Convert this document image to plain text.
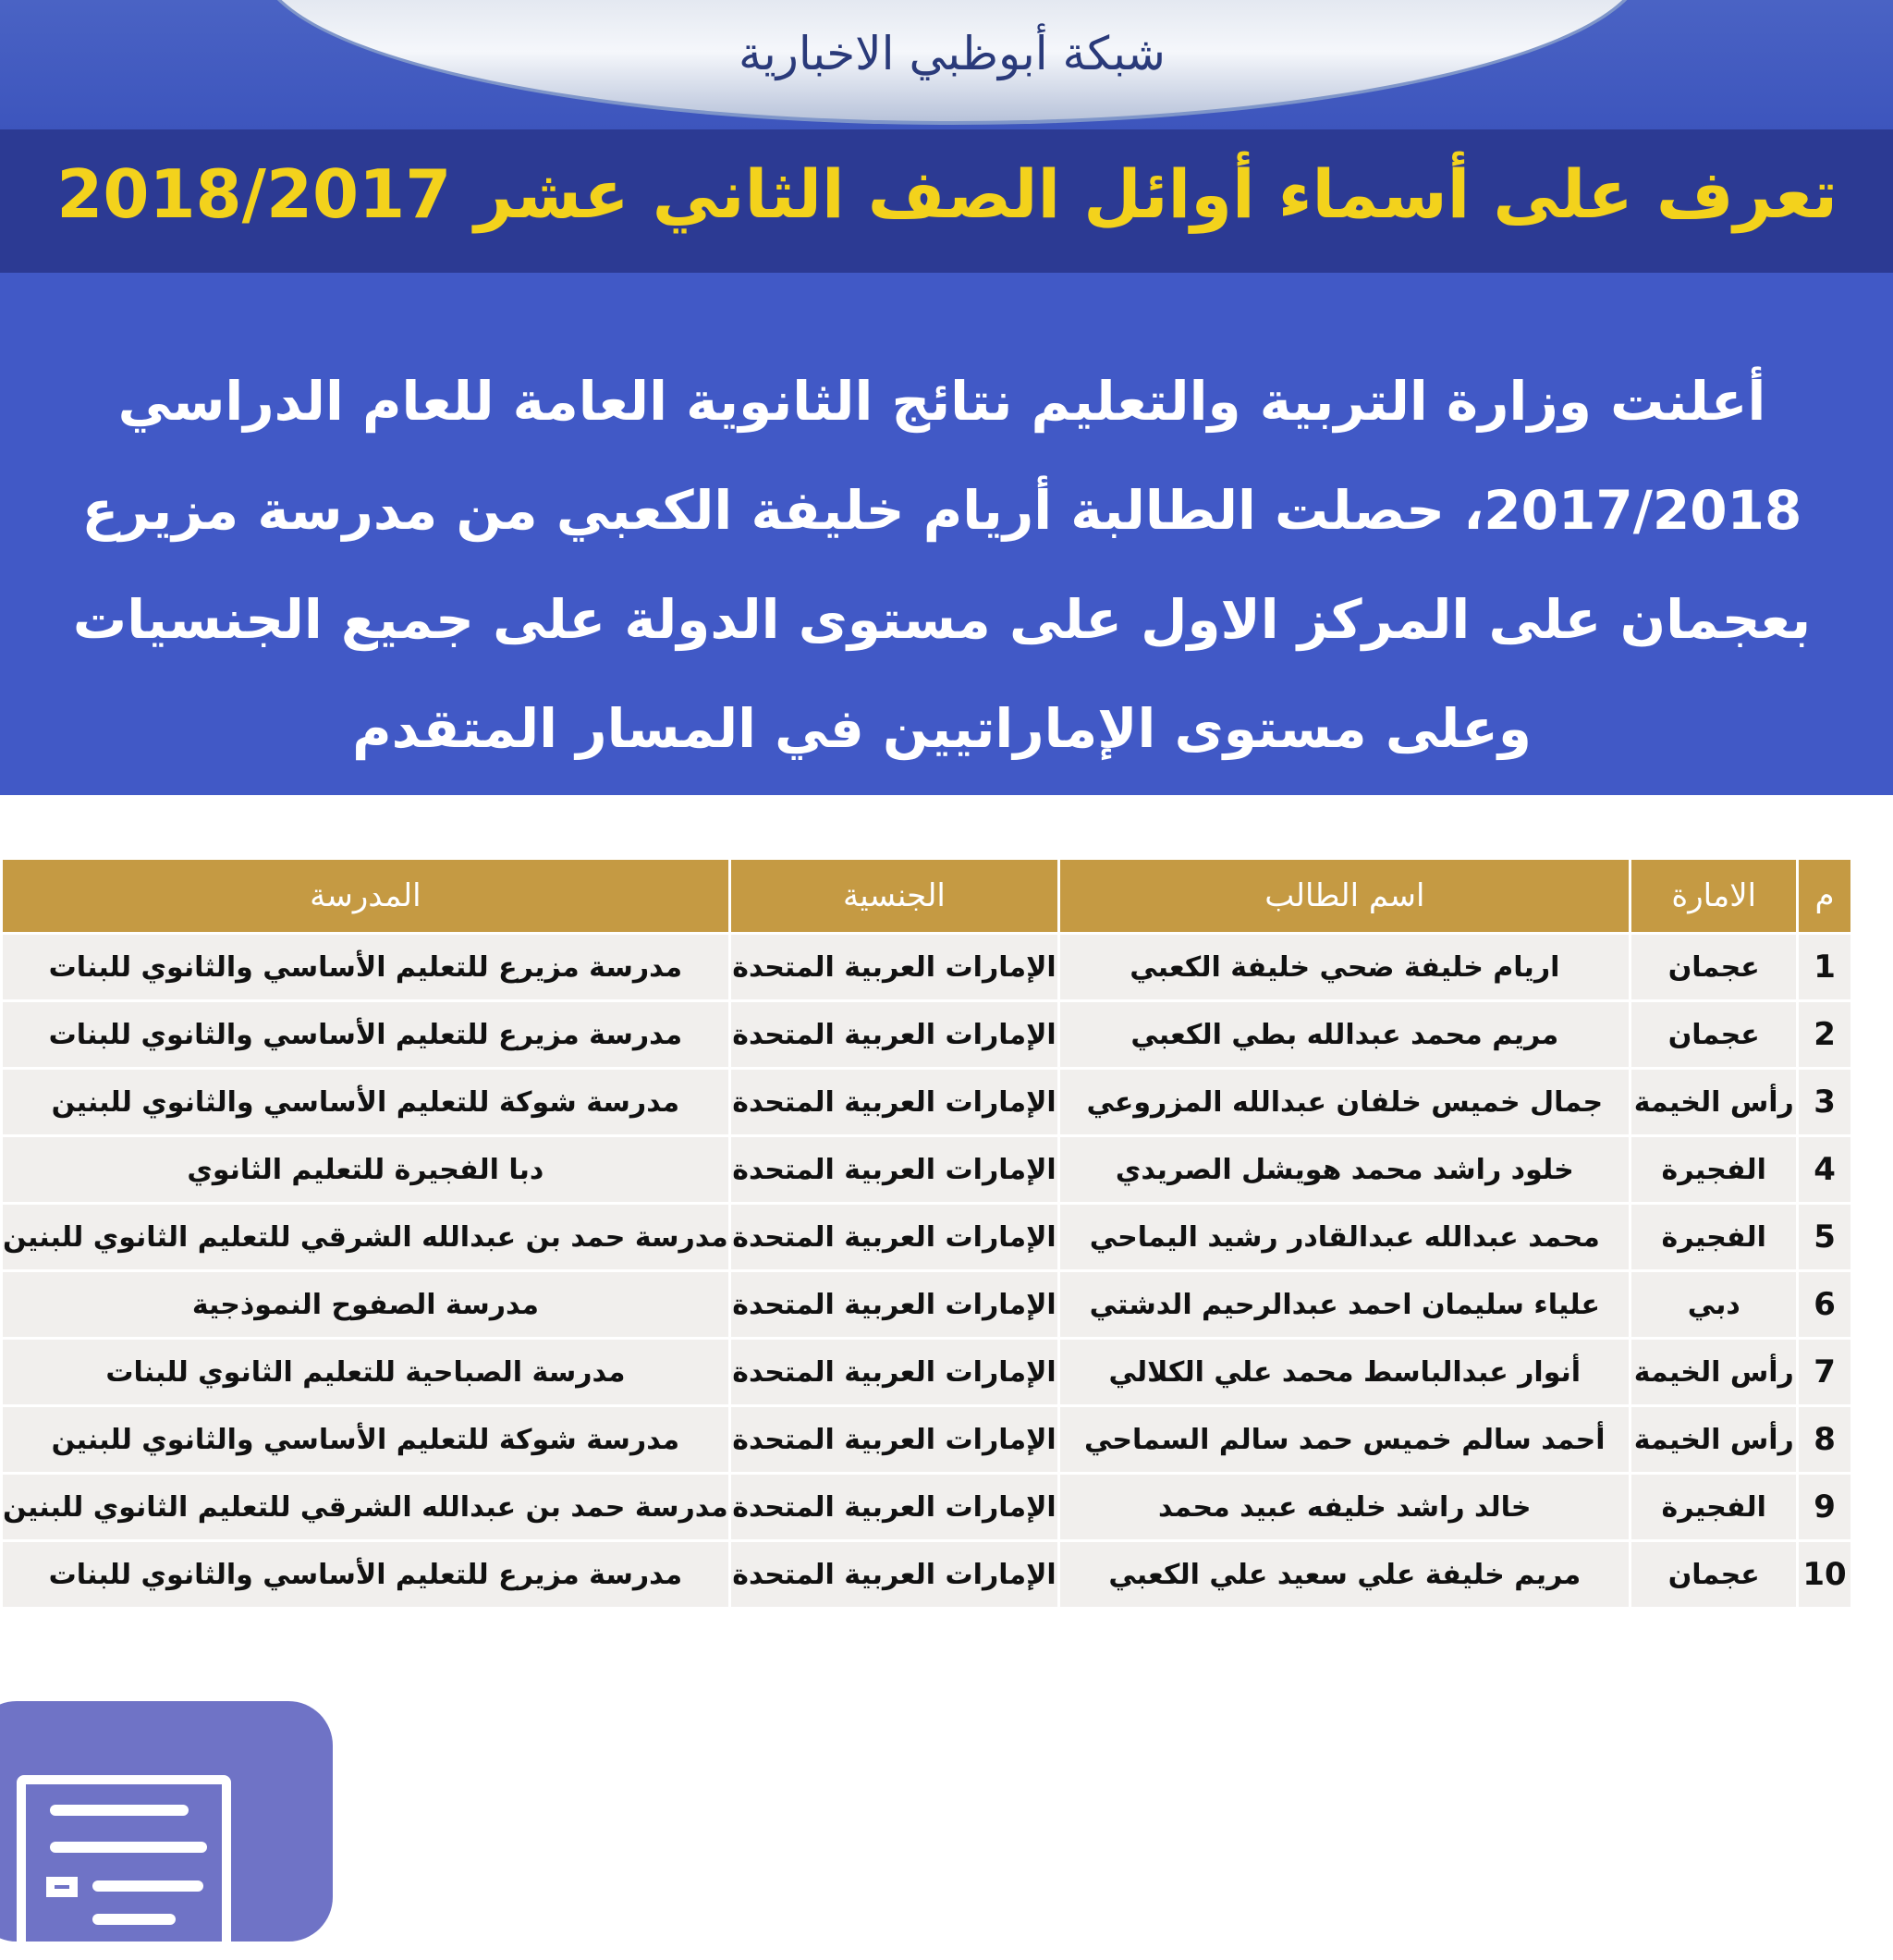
شبكة أبوظبي الاخبارية
تعرف على أسماء أوائل الصف الثاني عشر 2018/2017
أعلنت وزارة التربية والتعليم نتائج الثانوية العامة للعام الدراسي 2017/2018، حصلت الطالبة أريام خليفة الكعبي من مدرسة مزيرع بعجمان على المركز الاول على مستوى الدولة على جميع الجنسيات وعلى مستوى الإماراتيين في المسار المتقدم
م	الامارة	اسم الطالب	الجنسية	المدرسة
1	عجمان	اريام خليفة ضحي خليفة الكعبي	الإمارات العربية المتحدة	مدرسة مزيرع للتعليم الأساسي والثانوي للبنات
2	عجمان	مريم محمد عبدالله بطي الكعبي	الإمارات العربية المتحدة	مدرسة مزيرع للتعليم الأساسي والثانوي للبنات
3	رأس الخيمة	جمال خميس خلفان عبدالله المزروعي	الإمارات العربية المتحدة	مدرسة شوكة للتعليم الأساسي والثانوي للبنين
4	الفجيرة	خلود راشد محمد هويشل الصريدي	الإمارات العربية المتحدة	دبا الفجيرة للتعليم الثانوي
5	الفجيرة	محمد عبدالله عبدالقادر رشيد اليماحي	الإمارات العربية المتحدة	مدرسة حمد بن عبدالله الشرقي للتعليم الثانوي للبنين
6	دبي	علياء سليمان احمد عبدالرحيم الدشتي	الإمارات العربية المتحدة	مدرسة الصفوح النموذجية
7	رأس الخيمة	أنوار عبدالباسط محمد علي الكلالي	الإمارات العربية المتحدة	مدرسة الصباحية للتعليم الثانوي للبنات
8	رأس الخيمة	أحمد سالم خميس حمد سالم السماحي	الإمارات العربية المتحدة	مدرسة شوكة للتعليم الأساسي والثانوي للبنين
9	الفجيرة	خالد راشد خليفه عبيد محمد	الإمارات العربية المتحدة	مدرسة حمد بن عبدالله الشرقي للتعليم الثانوي للبنين
10	عجمان	مريم خليفة علي سعيد علي الكعبي	الإمارات العربية المتحدة	مدرسة مزيرع للتعليم الأساسي والثانوي للبنات
